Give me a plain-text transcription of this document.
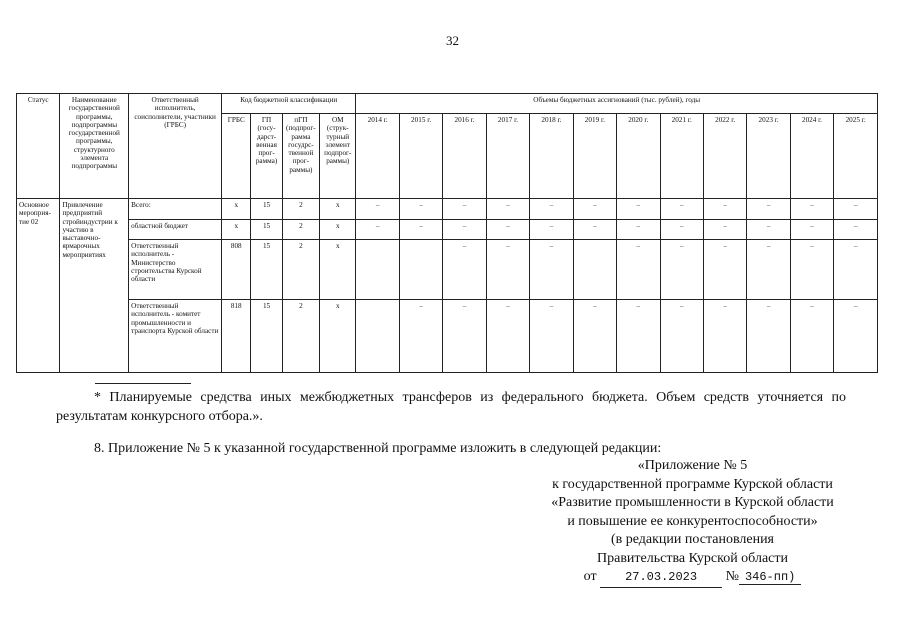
32
Статус	Наименование государственной программы, подпрограммы государственной программы, структурного элемента подпрограммы	Ответственный исполнитель, соисполнители, участники (ГРБС)	Код бюджетной классификации				Объемы бюджетных ассигнований (тыс. рублей), годы											
			ГРБС	ГП (госу-дарст-венная прог-рамма)	пГП (подпрог-рамма госудрс-твенной прог-раммы)	ОМ (струк-турный элемент подпрог-раммы)	2014 г.	2015 г.	2016 г.	2017 г.	2018 г.	2019 г.	2020 г.	2021 г.	2022 г.	2023 г.	2024 г.	2025 г.
Основное мероприя-тие 02	Привлечение предприятий стройиндустрии к участию в выставочно-ярмарочных мероприятиях	Всего:	x	15	2	x	–	–	–	–	–	–	–	–	–	–	–	–
		областной бюджет	x	15	2	x	–	–	–	–	–	–	–	–	–	–	–	–
		Ответственный исполнитель - Министерство строительства Курской области	808	15	2	x			–	–	–		–	–	–	–	–	–
		Ответственный исполнитель - комитет промышленности и транспорта Курской области	818	15	2	x		–	–	–	–	–	–	–	–	–	–	–
* Планируемые средства иных межбюджетных трансферов из федерального бюджета. Объем средств уточняется по результатам конкурсного отбора.».
8. Приложение № 5 к указанной государственной программе изложить в следующей редакции:
«Приложение № 5
к государственной программе Курской области
«Развитие промышленности в Курской области
и повышение ее конкурентоспособности»
(в редакции постановления
Правительства Курской области
от 27.03.2023 № 346-пп)
